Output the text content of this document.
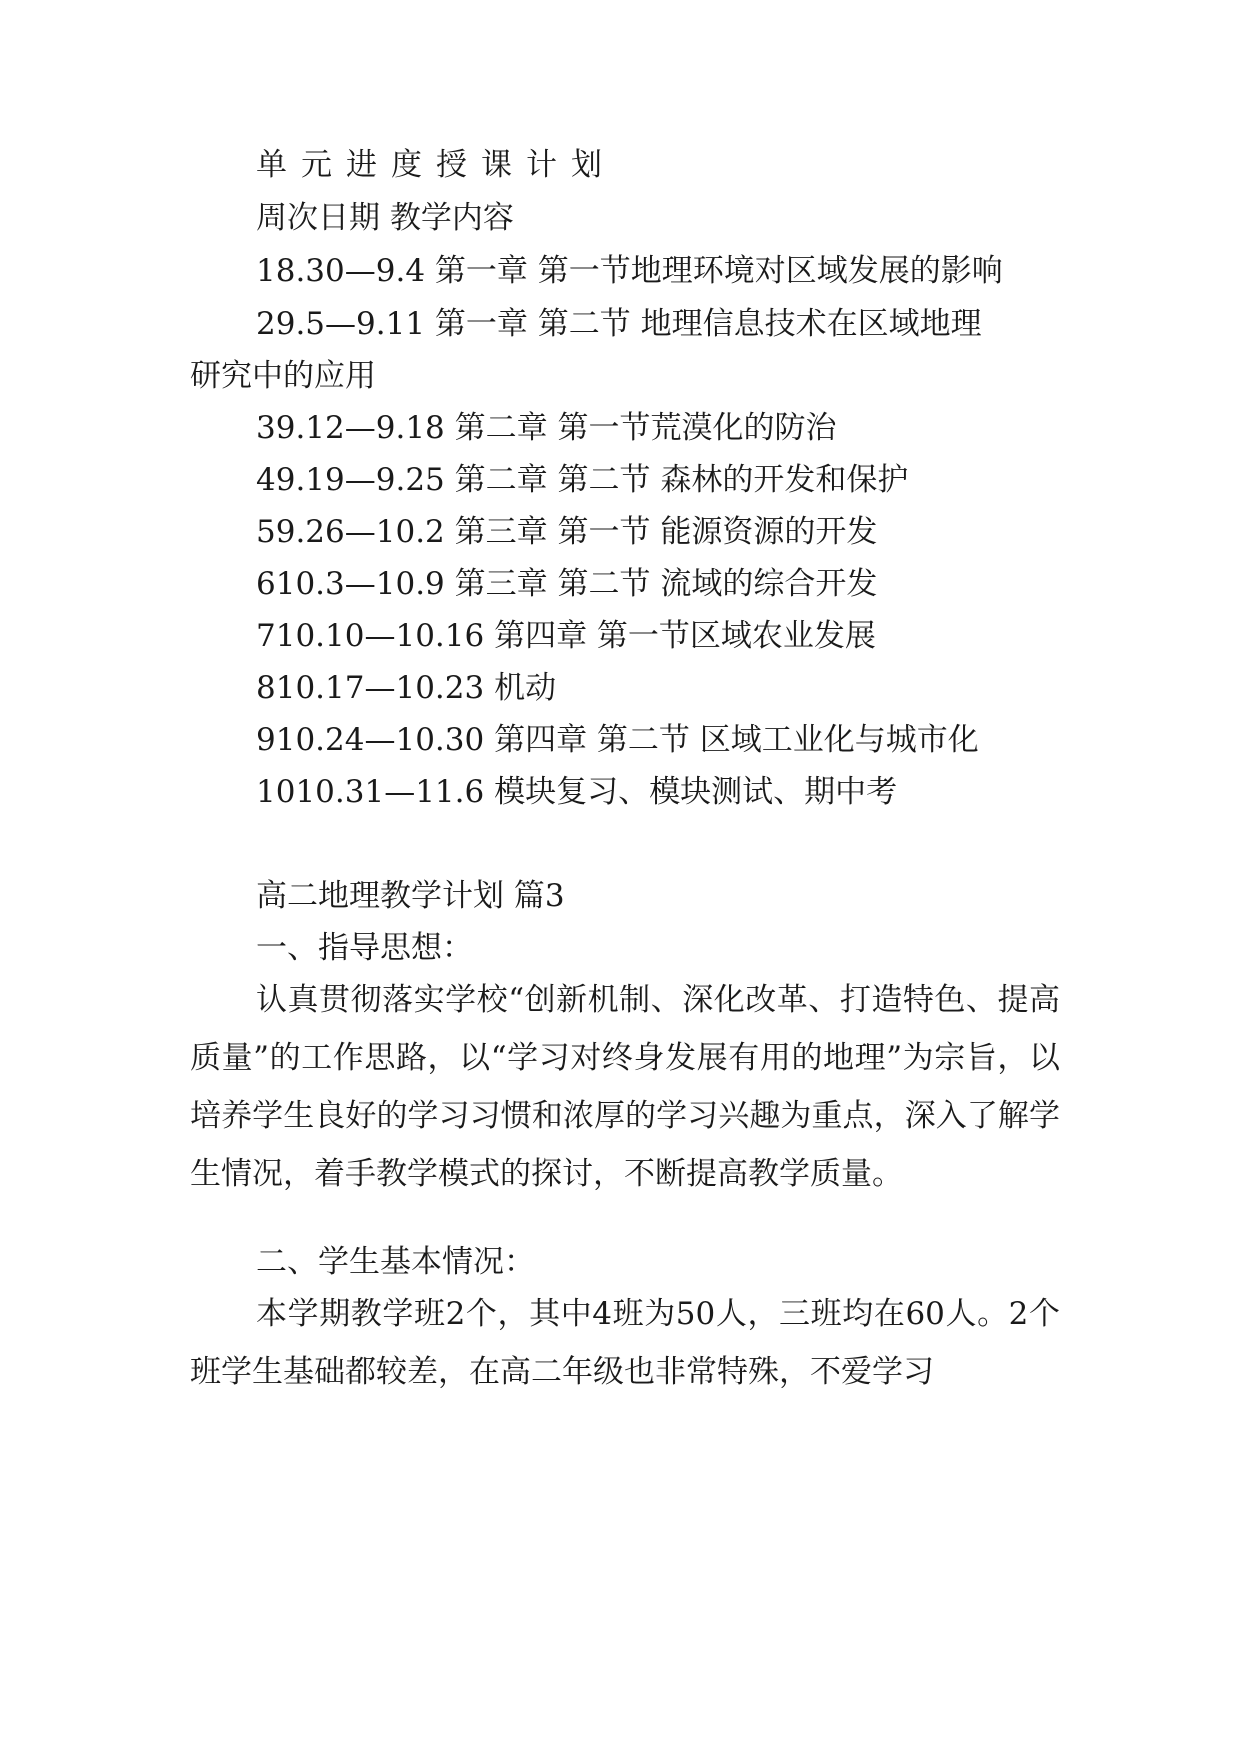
单元进度授课计划
周次日期 教学内容
18.30—9.4 第一章 第一节地理环境对区域发展的影响
29.5—9.11 第一章 第二节 地理信息技术在区域地理
研究中的应用
39.12—9.18 第二章 第一节荒漠化的防治
49.19—9.25 第二章 第二节 森林的开发和保护
59.26—10.2 第三章 第一节 能源资源的开发
610.3—10.9 第三章 第二节 流域的综合开发
710.10—10.16 第四章 第一节区域农业发展
810.17—10.23 机动
910.24—10.30 第四章 第二节 区域工业化与城市化
1010.31—11.6 模块复习、模块测试、期中考
高二地理教学计划 篇3
一、指导思想：
认真贯彻落实学校“创新机制、深化改革、打造特色、提高质量”的工作思路，以“学习对终身发展有用的地理”为宗旨，以培养学生良好的学习习惯和浓厚的学习兴趣为重点，深入了解学生情况，着手教学模式的探讨，不断提高教学质量。
二、学生基本情况：
本学期教学班2个，其中4班为50人，三班均在60人。2个班学生基础都较差，在高二年级也非常特殊，不爱学习
